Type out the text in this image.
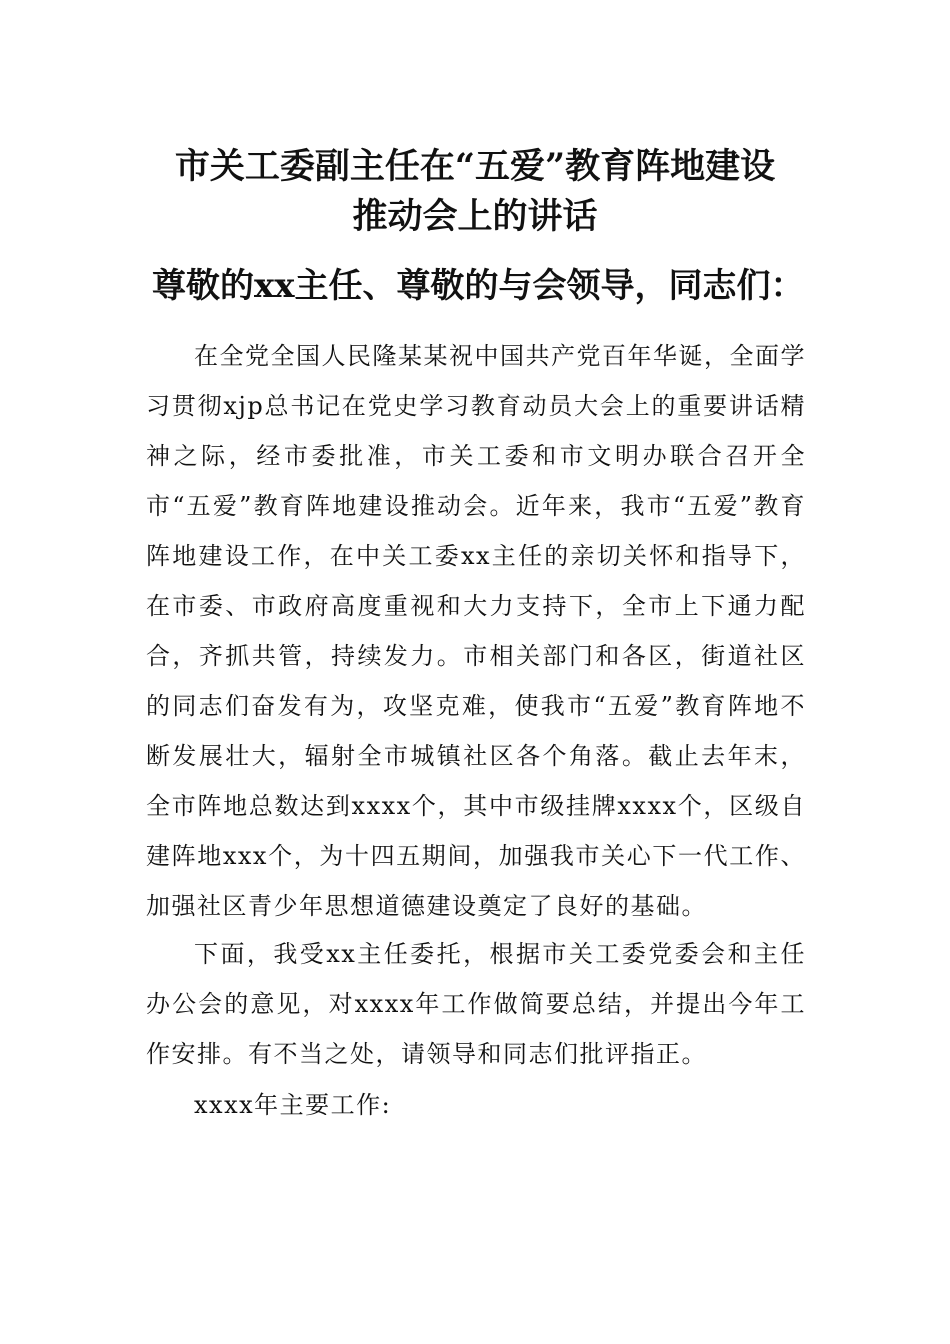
市关工委副主任在“五爱”教育阵地建设
推动会上的讲话
尊敬的xx主任、尊敬的与会领导，同志们：

在全党全国人民隆某某祝中国共产党百年华诞，全面学习贯彻xjp总书记在党史学习教育动员大会上的重要讲话精神之际，经市委批准，市关工委和市文明办联合召开全市“五爱”教育阵地建设推动会。近年来，我市“五爱”教育阵地建设工作，在中关工委xx主任的亲切关怀和指导下，在市委、市政府高度重视和大力支持下，全市上下通力配合，齐抓共管，持续发力。市相关部门和各区，街道社区的同志们奋发有为，攻坚克难，使我市“五爱”教育阵地不断发展壮大，辐射全市城镇社区各个角落。截止去年末，全市阵地总数达到xxxx个，其中市级挂牌xxxx个，区级自建阵地xxx个，为十四五期间，加强我市关心下一代工作、加强社区青少年思想道德建设奠定了良好的基础。

下面，我受xx主任委托，根据市关工委党委会和主任办公会的意见，对xxxx年工作做简要总结，并提出今年工作安排。有不当之处，请领导和同志们批评指正。

xxxx年主要工作:
